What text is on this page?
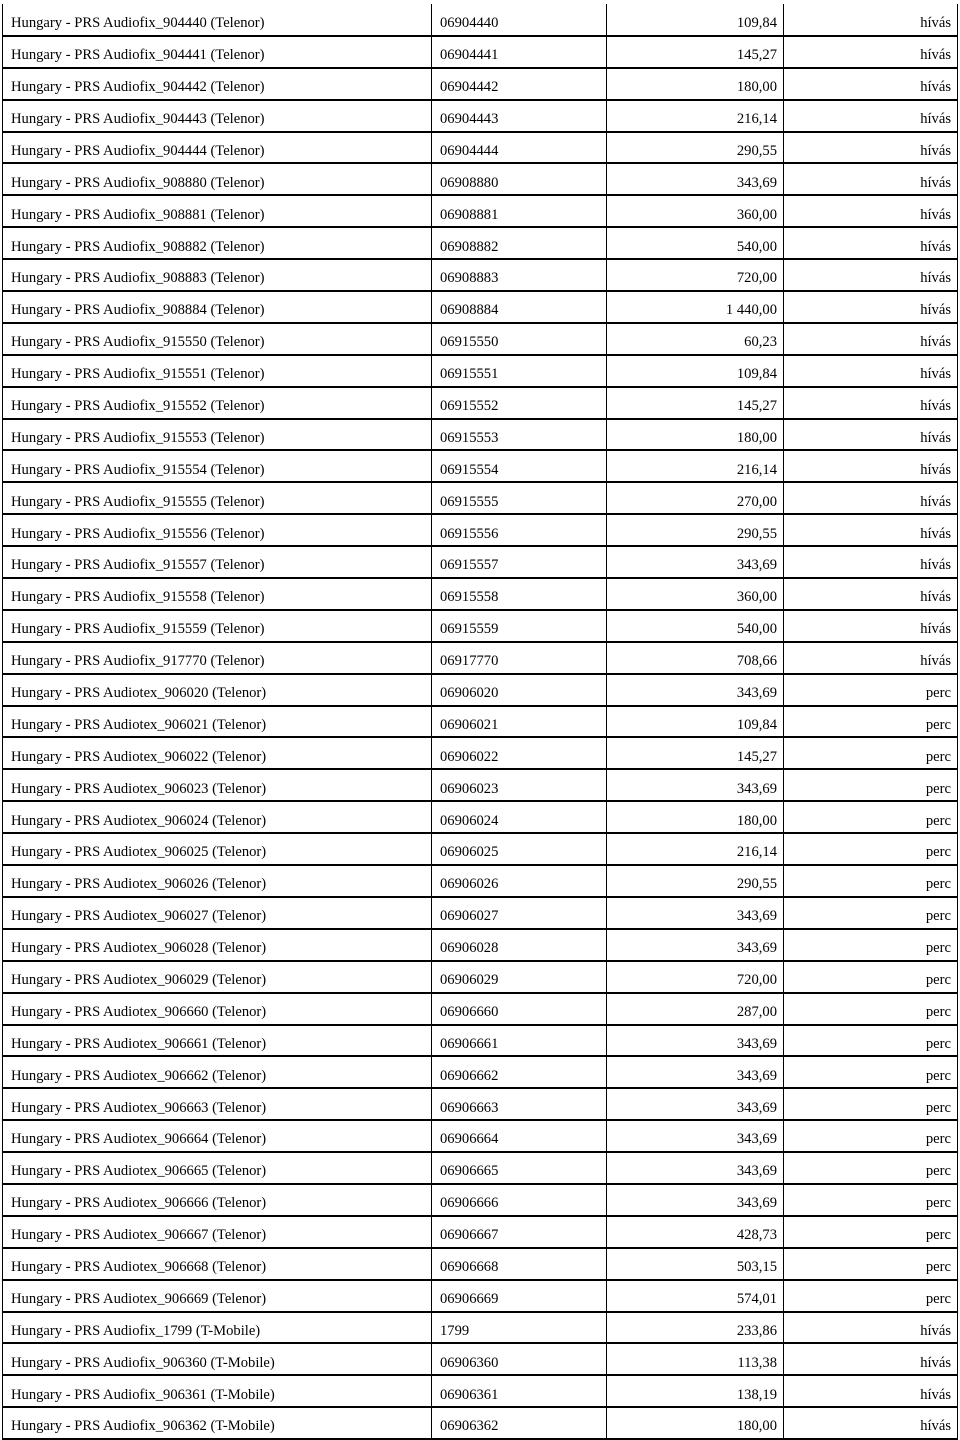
Hungary - PRS Audiofix_904440 (Telenor)	06904440	109,84	hívás
Hungary - PRS Audiofix_904441 (Telenor)	06904441	145,27	hívás
Hungary - PRS Audiofix_904442 (Telenor)	06904442	180,00	hívás
Hungary - PRS Audiofix_904443 (Telenor)	06904443	216,14	hívás
Hungary - PRS Audiofix_904444 (Telenor)	06904444	290,55	hívás
Hungary - PRS Audiofix_908880 (Telenor)	06908880	343,69	hívás
Hungary - PRS Audiofix_908881 (Telenor)	06908881	360,00	hívás
Hungary - PRS Audiofix_908882 (Telenor)	06908882	540,00	hívás
Hungary - PRS Audiofix_908883 (Telenor)	06908883	720,00	hívás
Hungary - PRS Audiofix_908884 (Telenor)	06908884	1 440,00	hívás
Hungary - PRS Audiofix_915550 (Telenor)	06915550	60,23	hívás
Hungary - PRS Audiofix_915551 (Telenor)	06915551	109,84	hívás
Hungary - PRS Audiofix_915552 (Telenor)	06915552	145,27	hívás
Hungary - PRS Audiofix_915553 (Telenor)	06915553	180,00	hívás
Hungary - PRS Audiofix_915554 (Telenor)	06915554	216,14	hívás
Hungary - PRS Audiofix_915555 (Telenor)	06915555	270,00	hívás
Hungary - PRS Audiofix_915556 (Telenor)	06915556	290,55	hívás
Hungary - PRS Audiofix_915557 (Telenor)	06915557	343,69	hívás
Hungary - PRS Audiofix_915558 (Telenor)	06915558	360,00	hívás
Hungary - PRS Audiofix_915559 (Telenor)	06915559	540,00	hívás
Hungary - PRS Audiofix_917770 (Telenor)	06917770	708,66	hívás
Hungary - PRS Audiotex_906020 (Telenor)	06906020	343,69	perc
Hungary - PRS Audiotex_906021 (Telenor)	06906021	109,84	perc
Hungary - PRS Audiotex_906022 (Telenor)	06906022	145,27	perc
Hungary - PRS Audiotex_906023 (Telenor)	06906023	343,69	perc
Hungary - PRS Audiotex_906024 (Telenor)	06906024	180,00	perc
Hungary - PRS Audiotex_906025 (Telenor)	06906025	216,14	perc
Hungary - PRS Audiotex_906026 (Telenor)	06906026	290,55	perc
Hungary - PRS Audiotex_906027 (Telenor)	06906027	343,69	perc
Hungary - PRS Audiotex_906028 (Telenor)	06906028	343,69	perc
Hungary - PRS Audiotex_906029 (Telenor)	06906029	720,00	perc
Hungary - PRS Audiotex_906660 (Telenor)	06906660	287,00	perc
Hungary - PRS Audiotex_906661 (Telenor)	06906661	343,69	perc
Hungary - PRS Audiotex_906662 (Telenor)	06906662	343,69	perc
Hungary - PRS Audiotex_906663 (Telenor)	06906663	343,69	perc
Hungary - PRS Audiotex_906664 (Telenor)	06906664	343,69	perc
Hungary - PRS Audiotex_906665 (Telenor)	06906665	343,69	perc
Hungary - PRS Audiotex_906666 (Telenor)	06906666	343,69	perc
Hungary - PRS Audiotex_906667 (Telenor)	06906667	428,73	perc
Hungary - PRS Audiotex_906668 (Telenor)	06906668	503,15	perc
Hungary - PRS Audiotex_906669 (Telenor)	06906669	574,01	perc
Hungary - PRS Audiofix_1799 (T-Mobile)	1799	233,86	hívás
Hungary - PRS Audiofix_906360 (T-Mobile)	06906360	113,38	hívás
Hungary - PRS Audiofix_906361 (T-Mobile)	06906361	138,19	hívás
Hungary - PRS Audiofix_906362 (T-Mobile)	06906362	180,00	hívás
